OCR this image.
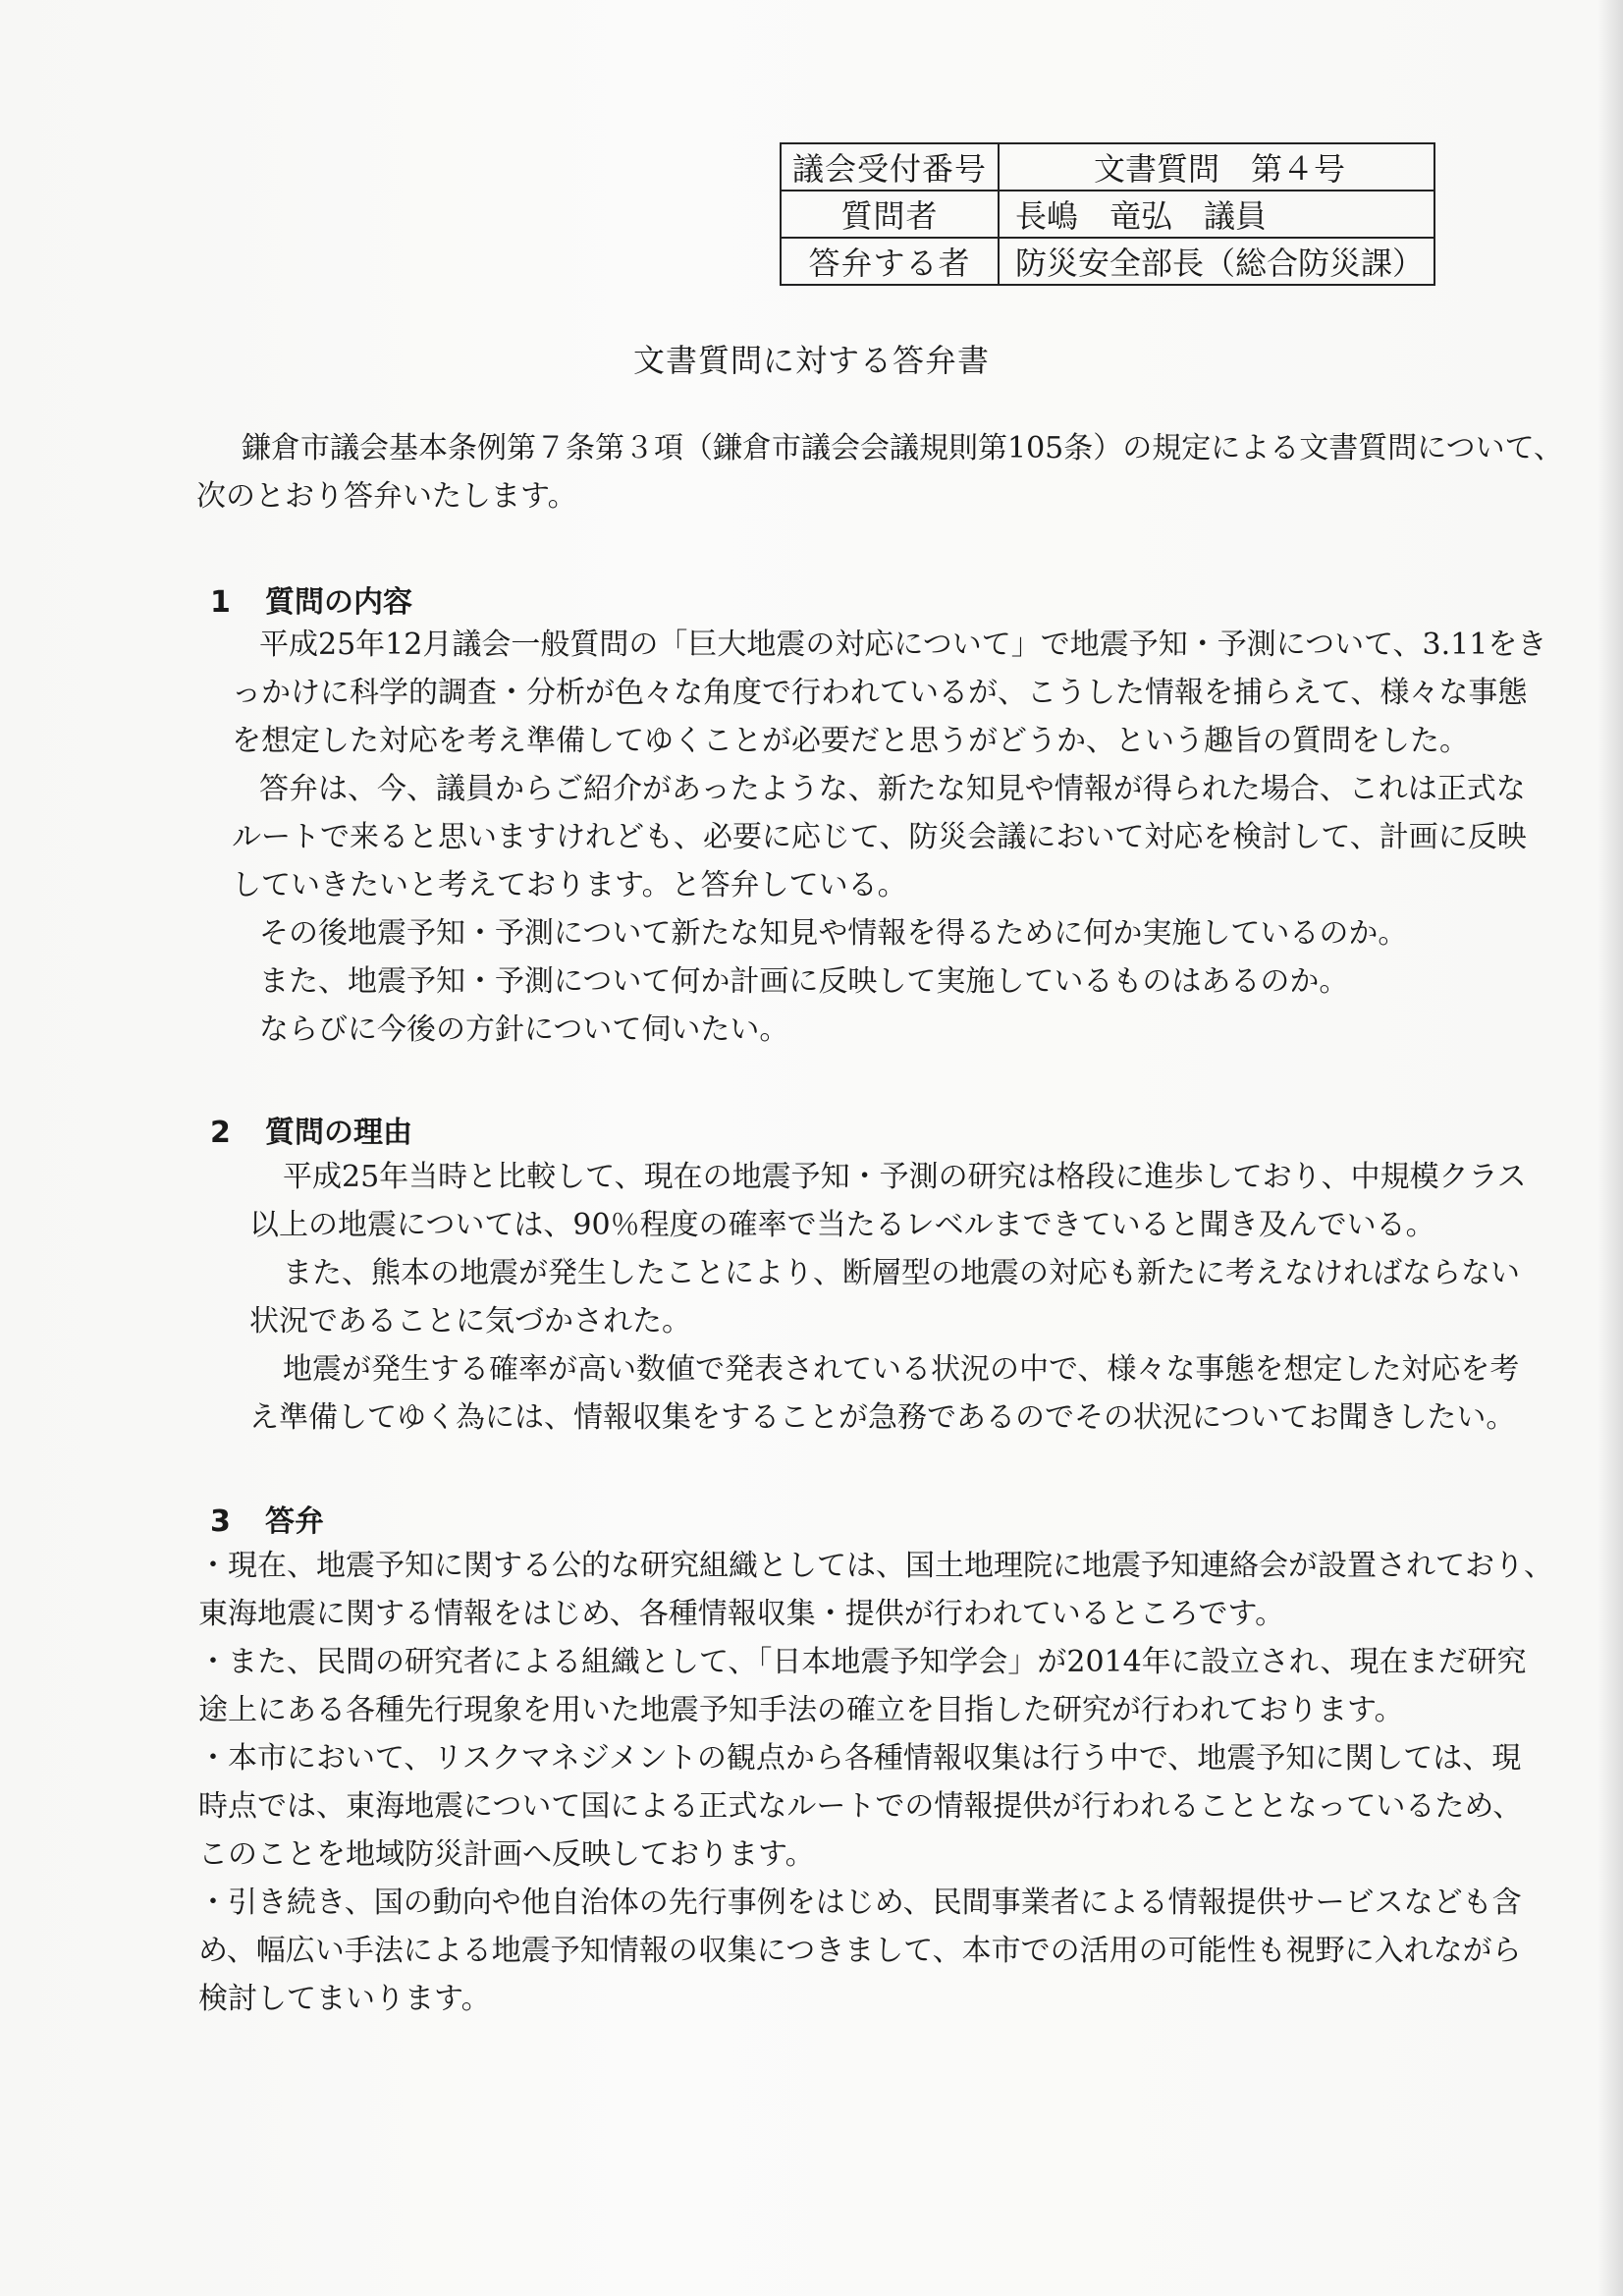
議会受付番号	文書質問　第４号
質問者	長嶋　竜弘　議員
答弁する者	防災安全部長（総合防災課）
文書質問に対する答弁書

鎌倉市議会基本条例第７条第３項（鎌倉市議会会議規則第105条）の規定による文書質問について、

次のとおり答弁いたします。

1 質問の内容

平成25年12月議会一般質問の「巨大地震の対応について」で地震予知・予測について、3.11をき

っかけに科学的調査・分析が色々な角度で行われているが、こうした情報を捕らえて、様々な事態

を想定した対応を考え準備してゆくことが必要だと思うがどうか、という趣旨の質問をした。

答弁は、今、議員からご紹介があったような、新たな知見や情報が得られた場合、これは正式な

ルートで来ると思いますけれども、必要に応じて、防災会議において対応を検討して、計画に反映

していきたいと考えております。と答弁している。

その後地震予知・予測について新たな知見や情報を得るために何か実施しているのか。

また、地震予知・予測について何か計画に反映して実施しているものはあるのか。

ならびに今後の方針について伺いたい。

2 質問の理由

平成25年当時と比較して、現在の地震予知・予測の研究は格段に進歩しており、中規模クラス

以上の地震については、90％程度の確率で当たるレベルまできていると聞き及んでいる。

また、熊本の地震が発生したことにより、断層型の地震の対応も新たに考えなければならない

状況であることに気づかされた。

地震が発生する確率が高い数値で発表されている状況の中で、様々な事態を想定した対応を考

え準備してゆく為には、情報収集をすることが急務であるのでその状況についてお聞きしたい。

3 答弁

・現在、地震予知に関する公的な研究組織としては、国土地理院に地震予知連絡会が設置されており、

東海地震に関する情報をはじめ、各種情報収集・提供が行われているところです。

・また、民間の研究者による組織として、「日本地震予知学会」が2014年に設立され、現在まだ研究

途上にある各種先行現象を用いた地震予知手法の確立を目指した研究が行われております。

・本市において、リスクマネジメントの観点から各種情報収集は行う中で、地震予知に関しては、現

時点では、東海地震について国による正式なルートでの情報提供が行われることとなっているため、

このことを地域防災計画へ反映しております。

・引き続き、国の動向や他自治体の先行事例をはじめ、民間事業者による情報提供サービスなども含

め、幅広い手法による地震予知情報の収集につきまして、本市での活用の可能性も視野に入れながら

検討してまいります。
